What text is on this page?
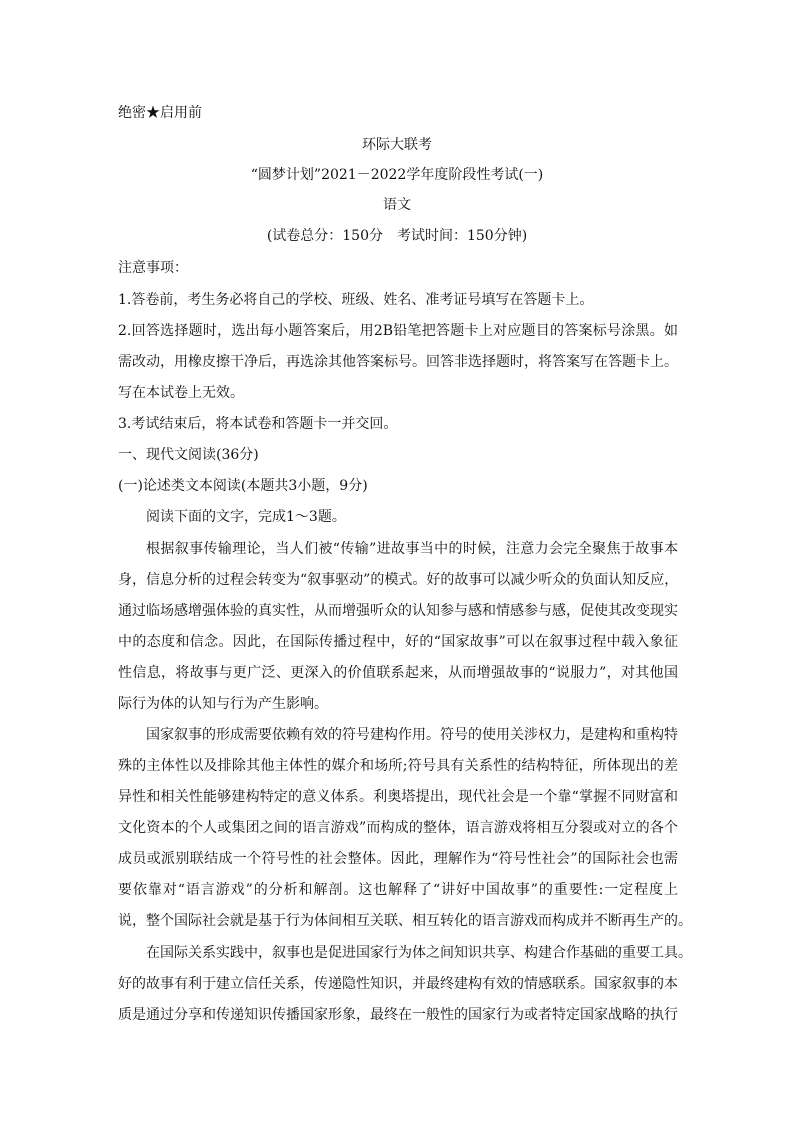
绝密★启用前
环际大联考
“圆梦计划”2021－2022学年度阶段性考试(一)
语文
(试卷总分：150分　考试时间：150分钟)
注意事项：
1.答卷前，考生务必将自己的学校、班级、姓名、准考证号填写在答题卡上。
2.回答选择题时，选出每小题答案后，用2B铅笔把答题卡上对应题目的答案标号涂黑。如
需改动，用橡皮擦干净后，再选涂其他答案标号。回答非选择题时，将答案写在答题卡上。
写在本试卷上无效。
3.考试结束后，将本试卷和答题卡一并交回。
一、现代文阅读(36分)
(一)论述类文本阅读(本题共3小题，9分)
阅读下面的文字，完成1～3题。
根据叙事传输理论，当人们被“传输”进故事当中的时候，注意力会完全聚焦于故事本
身，信息分析的过程会转变为“叙事驱动”的模式。好的故事可以减少听众的负面认知反应，
通过临场感增强体验的真实性，从而增强听众的认知参与感和情感参与感，促使其改变现实
中的态度和信念。因此，在国际传播过程中，好的“国家故事”可以在叙事过程中载入象征
性信息，将故事与更广泛、更深入的价值联系起来，从而增强故事的“说服力”，对其他国
际行为体的认知与行为产生影响。
国家叙事的形成需要依赖有效的符号建构作用。符号的使用关涉权力，是建构和重构特
殊的主体性以及排除其他主体性的媒介和场所;符号具有关系性的结构特征，所体现出的差
异性和相关性能够建构特定的意义体系。利奥塔提出，现代社会是一个靠“掌握不同财富和
文化资本的个人或集团之间的语言游戏”而构成的整体，语言游戏将相互分裂或对立的各个
成员或派别联结成一个符号性的社会整体。因此，理解作为“符号性社会”的国际社会也需
要依靠对“语言游戏”的分析和解剖。这也解释了“讲好中国故事”的重要性:一定程度上
说，整个国际社会就是基于行为体间相互关联、相互转化的语言游戏而构成并不断再生产的。
在国际关系实践中，叙事也是促进国家行为体之间知识共享、构建合作基础的重要工具。
好的故事有利于建立信任关系，传递隐性知识，并最终建构有效的情感联系。国家叙事的本
质是通过分享和传递知识传播国家形象，最终在一般性的国家行为或者特定国家战略的执行
